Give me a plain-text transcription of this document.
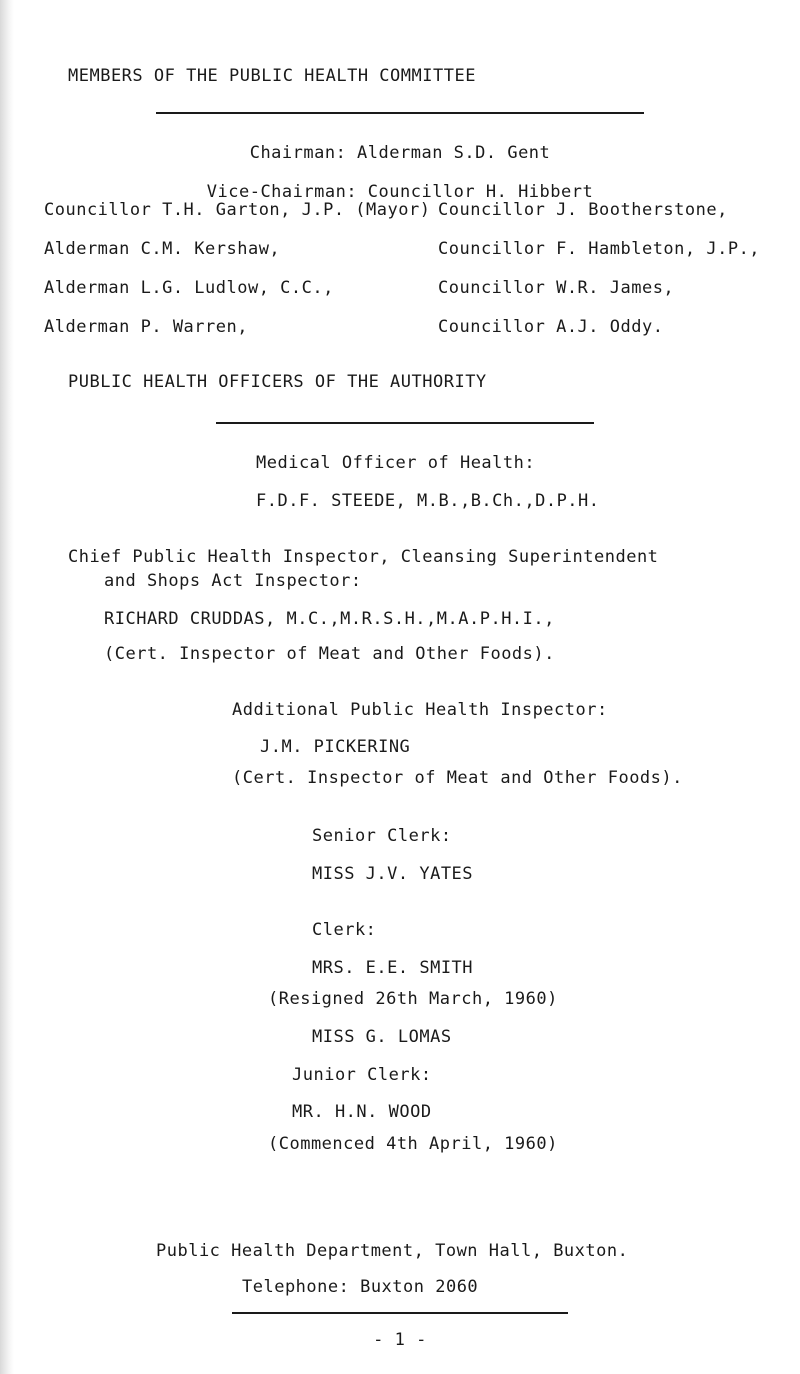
MEMBERS OF THE PUBLIC HEALTH COMMITTEE
Chairman: Alderman S.D. Gent
Vice-Chairman: Councillor H. Hibbert
Councillor T.H. Garton, J.P. (Mayor)
Alderman C.M. Kershaw,
Alderman L.G. Ludlow, C.C.,
Alderman P. Warren,
Councillor J. Bootherstone,
Councillor F. Hambleton, J.P.,
Councillor W.R. James,
Councillor A.J. Oddy.
PUBLIC HEALTH OFFICERS OF THE AUTHORITY
Medical Officer of Health:
F.D.F. STEEDE, M.B.,B.Ch.,D.P.H.
Chief Public Health Inspector, Cleansing Superintendent
and Shops Act Inspector:
RICHARD CRUDDAS, M.C.,M.R.S.H.,M.A.P.H.I.,
(Cert. Inspector of Meat and Other Foods).
Additional Public Health Inspector:
J.M. PICKERING
(Cert. Inspector of Meat and Other Foods).
Senior Clerk:
MISS J.V. YATES
Clerk:
MRS. E.E. SMITH
(Resigned 26th March, 1960)
MISS G. LOMAS
Junior Clerk:
MR. H.N. WOOD
(Commenced 4th April, 1960)
Public Health Department, Town Hall, Buxton.
Telephone: Buxton 2060
- 1 -
